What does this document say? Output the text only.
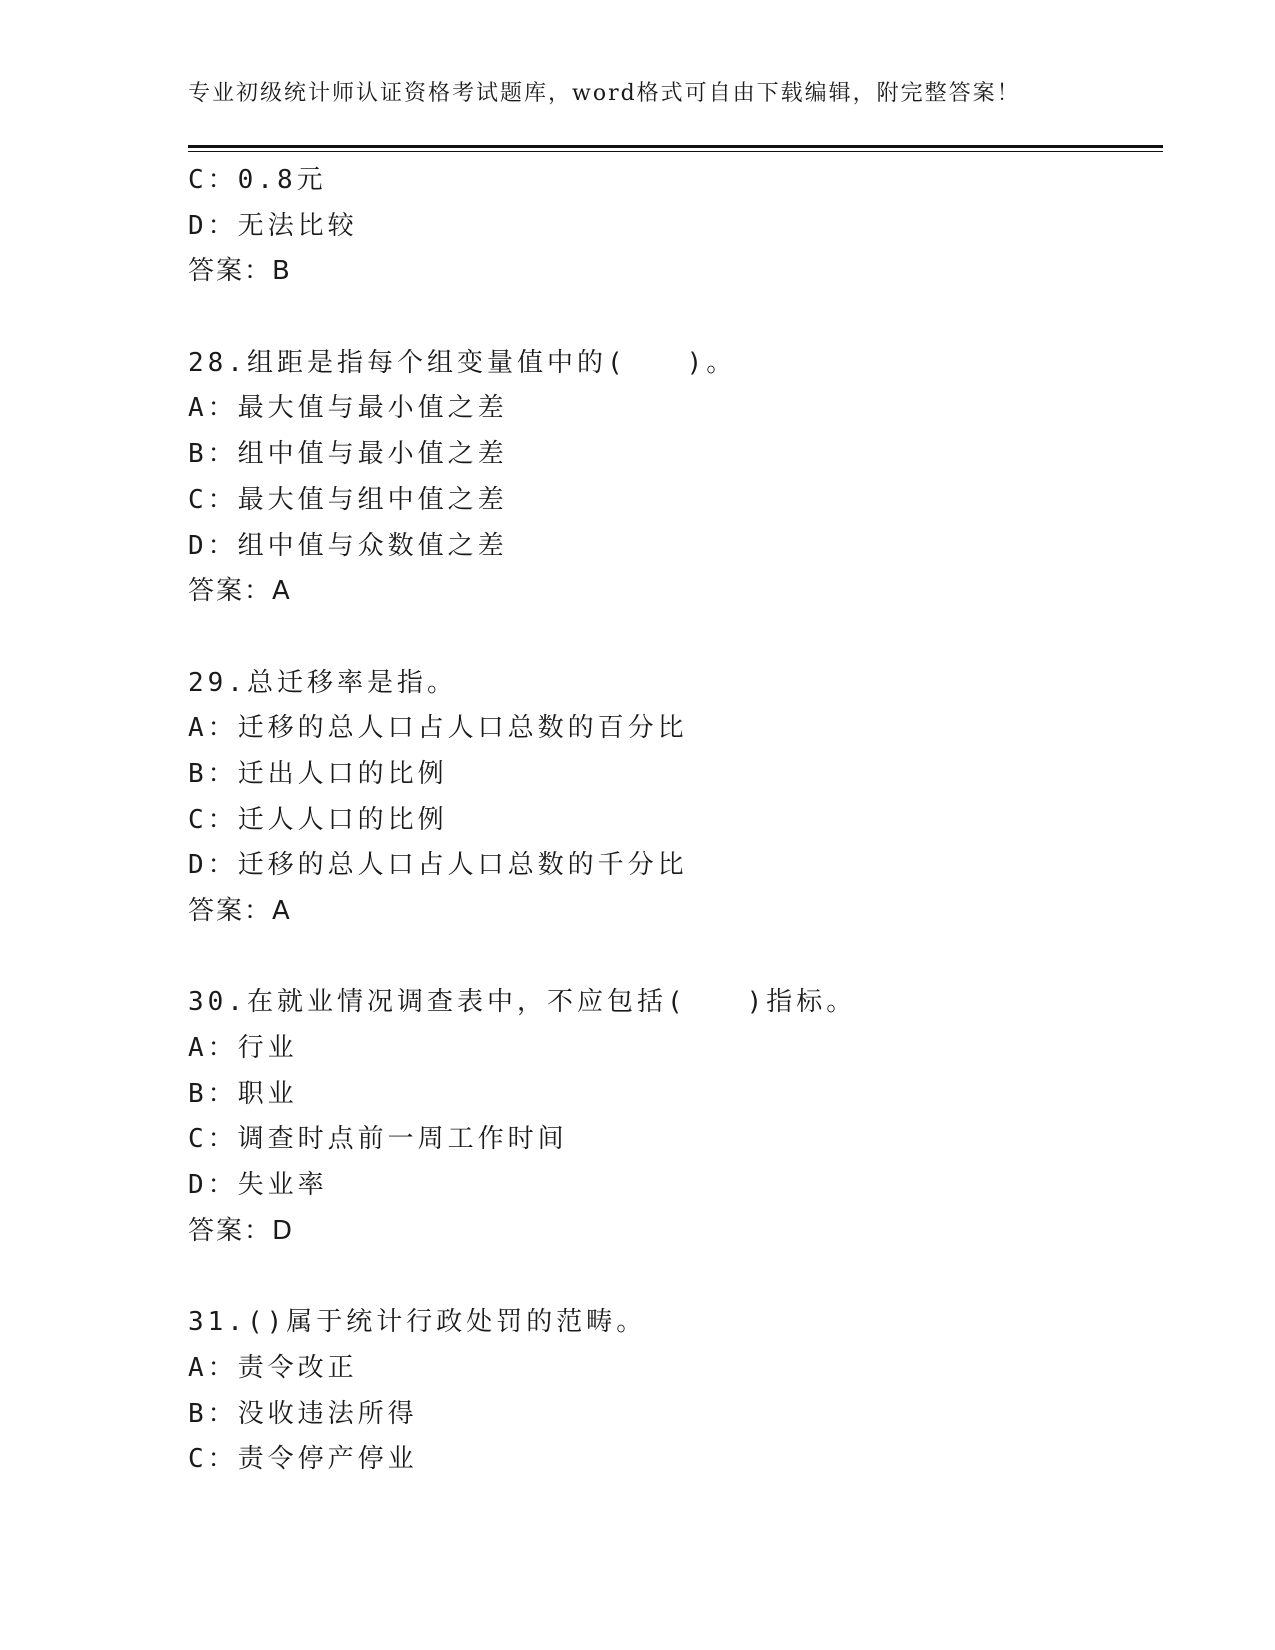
专业初级统计师认证资格考试题库，word格式可自由下载编辑，附完整答案！
C：0.8元
D：无法比较
答案：B
28.组距是指每个组变量值中的(　　)。
A：最大值与最小值之差
B：组中值与最小值之差
C：最大值与组中值之差
D：组中值与众数值之差
答案：A
29.总迁移率是指。
A：迁移的总人口占人口总数的百分比
B：迁出人口的比例
C：迁人人口的比例
D：迁移的总人口占人口总数的千分比
答案：A
30.在就业情况调查表中，不应包括(　　)指标。
A：行业
B：职业
C：调查时点前一周工作时间
D：失业率
答案：D
31.()属于统计行政处罚的范畴。
A：责令改正
B：没收违法所得
C：责令停产停业
